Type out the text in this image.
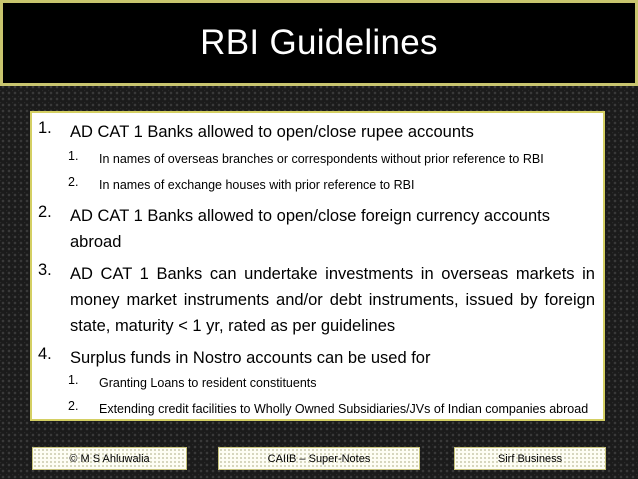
RBI Guidelines
1. AD CAT 1 Banks allowed to open/close rupee accounts
1. In names of overseas branches or correspondents without prior reference to RBI
2. In names of exchange houses with prior reference to RBI
2. AD CAT 1 Banks allowed to open/close foreign currency accounts abroad
3. AD CAT 1 Banks can undertake investments in overseas markets in money market instruments and/or debt instruments, issued by foreign state, maturity < 1 yr, rated as per guidelines
4. Surplus funds in Nostro accounts can be used for
1. Granting Loans to resident constituents
2. Extending credit facilities to Wholly Owned Subsidiaries/JVs of Indian companies abroad
© M S Ahluwalia	CAIIB – Super-Notes	Sirf Business
